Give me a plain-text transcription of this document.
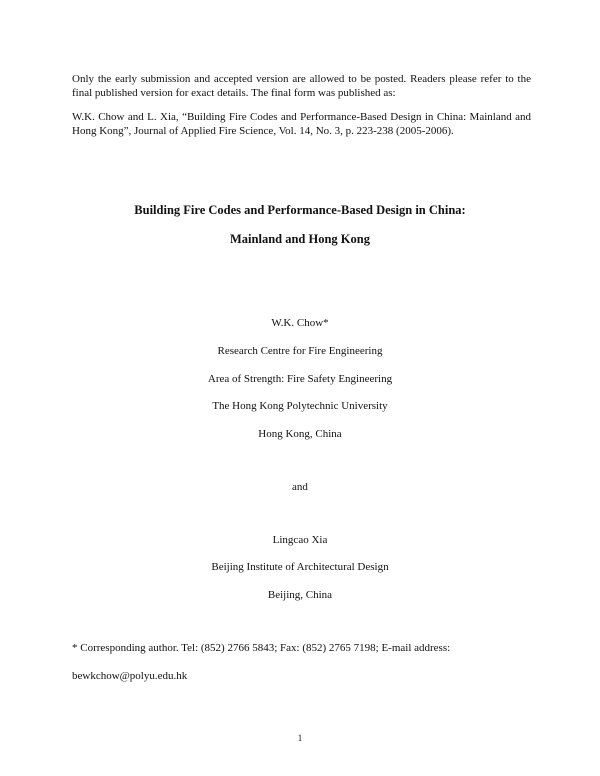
Only the early submission and accepted version are allowed to be posted. Readers please refer to the final published version for exact details. The final form was published as:

W.K. Chow and L. Xia, “Building Fire Codes and Performance-Based Design in China: Mainland and Hong Kong”, Journal of Applied Fire Science, Vol. 14, No. 3, p. 223-238 (2005-2006).

Building Fire Codes and Performance-Based Design in China:
Mainland and Hong Kong
W.K. Chow*
Research Centre for Fire Engineering
Area of Strength: Fire Safety Engineering
The Hong Kong Polytechnic University
Hong Kong, China
and
Lingcao Xia
Beijing Institute of Architectural Design
Beijing, China
* Corresponding author. Tel: (852) 2766 5843; Fax: (852) 2765 7198; E-mail address:
bewkchow@polyu.edu.hk
1
